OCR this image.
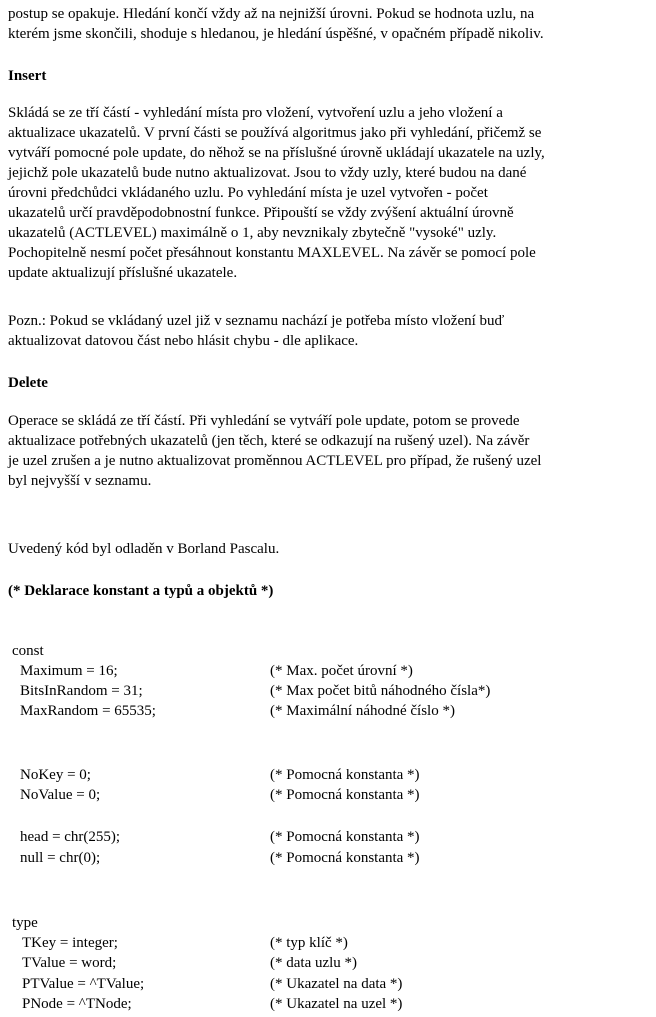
postup se opakuje. Hledání končí vždy až na nejnižší úrovni. Pokud se hodnota uzlu, na
kterém jsme skončili, shoduje s hledanou, je hledání úspěšné, v opačném případě nikoliv.
Insert
Skládá se ze tří částí - vyhledání místa pro vložení, vytvoření uzlu a jeho vložení a
aktualizace ukazatelů. V první části se používá algoritmus jako při vyhledání, přičemž se
vytváří pomocné pole update, do něhož se na příslušné úrovně ukládají ukazatele na uzly,
jejichž pole ukazatelů bude nutno aktualizovat. Jsou to vždy uzly, které budou na dané
úrovni předchůdci vkládaného uzlu. Po vyhledání místa je uzel vytvořen - počet
ukazatelů určí pravděpodobnostní funkce. Připouští se vždy zvýšení aktuální úrovně
ukazatelů (ACTLEVEL) maximálně o 1, aby nevznikaly zbytečně "vysoké" uzly.
Pochopitelně nesmí počet přesáhnout konstantu MAXLEVEL. Na závěr se pomocí pole
update aktualizují příslušné ukazatele.
Pozn.: Pokud se vkládaný uzel již v seznamu nachází je potřeba místo vložení buď
aktualizovat datovou část nebo hlásit chybu - dle aplikace.
Delete
Operace se skládá ze tří částí. Při vyhledání se vytváří pole update, potom se provede
aktualizace potřebných ukazatelů (jen těch, které se odkazují na rušený uzel). Na závěr
je uzel zrušen a je nutno aktualizovat proměnnou ACTLEVEL pro případ, že rušený uzel
byl nejvyšší v seznamu.
Uvedený kód byl odladěn v Borland Pascalu.
(* Deklarace konstant a typů a objektů *)
const
Maximum = 16;	(* Max. počet úrovní *)
BitsInRandom = 31;	(* Max počet bitů náhodného čísla*)
MaxRandom = 65535;	(* Maximální náhodné číslo *)
NoKey = 0;	(* Pomocná konstanta *)
NoValue = 0;	(* Pomocná konstanta *)
head = chr(255);	(* Pomocná konstanta *)
null = chr(0);	(* Pomocná konstanta *)
type
TKey = integer;	(* typ klíč *)
TValue = word;	(* data uzlu *)
PTValue = ^TValue;	(* Ukazatel na data *)
PNode = ^TNode;	(* Ukazatel na uzel *)
